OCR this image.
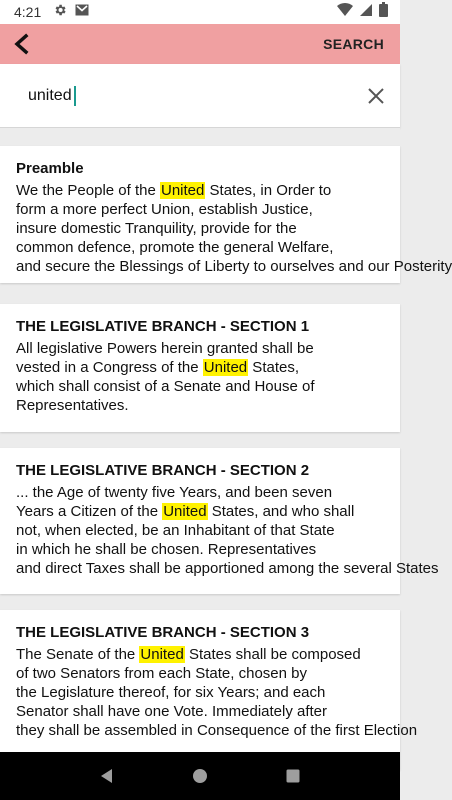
4:21
SEARCH
united
Preamble
We the People of the United States, in Order to
form a more perfect Union, establish Justice,
insure domestic Tranquility, provide for the
common defence, promote the general Welfare,
and secure the Blessings of Liberty to ourselves and our Posterity
THE LEGISLATIVE BRANCH - SECTION 1
All legislative Powers herein granted shall be
vested in a Congress of the United States,
which shall consist of a Senate and House of
Representatives.
THE LEGISLATIVE BRANCH - SECTION 2
... the Age of twenty five Years, and been seven
Years a Citizen of the United States, and who shall
not, when elected, be an Inhabitant of that State
in which he shall be chosen. Representatives
and direct Taxes shall be apportioned among the several States
THE LEGISLATIVE BRANCH - SECTION 3
The Senate of the United States shall be composed
of two Senators from each State, chosen by
the Legislature thereof, for six Years; and each
Senator shall have one Vote. Immediately after
they shall be assembled in Consequence of the first Election
